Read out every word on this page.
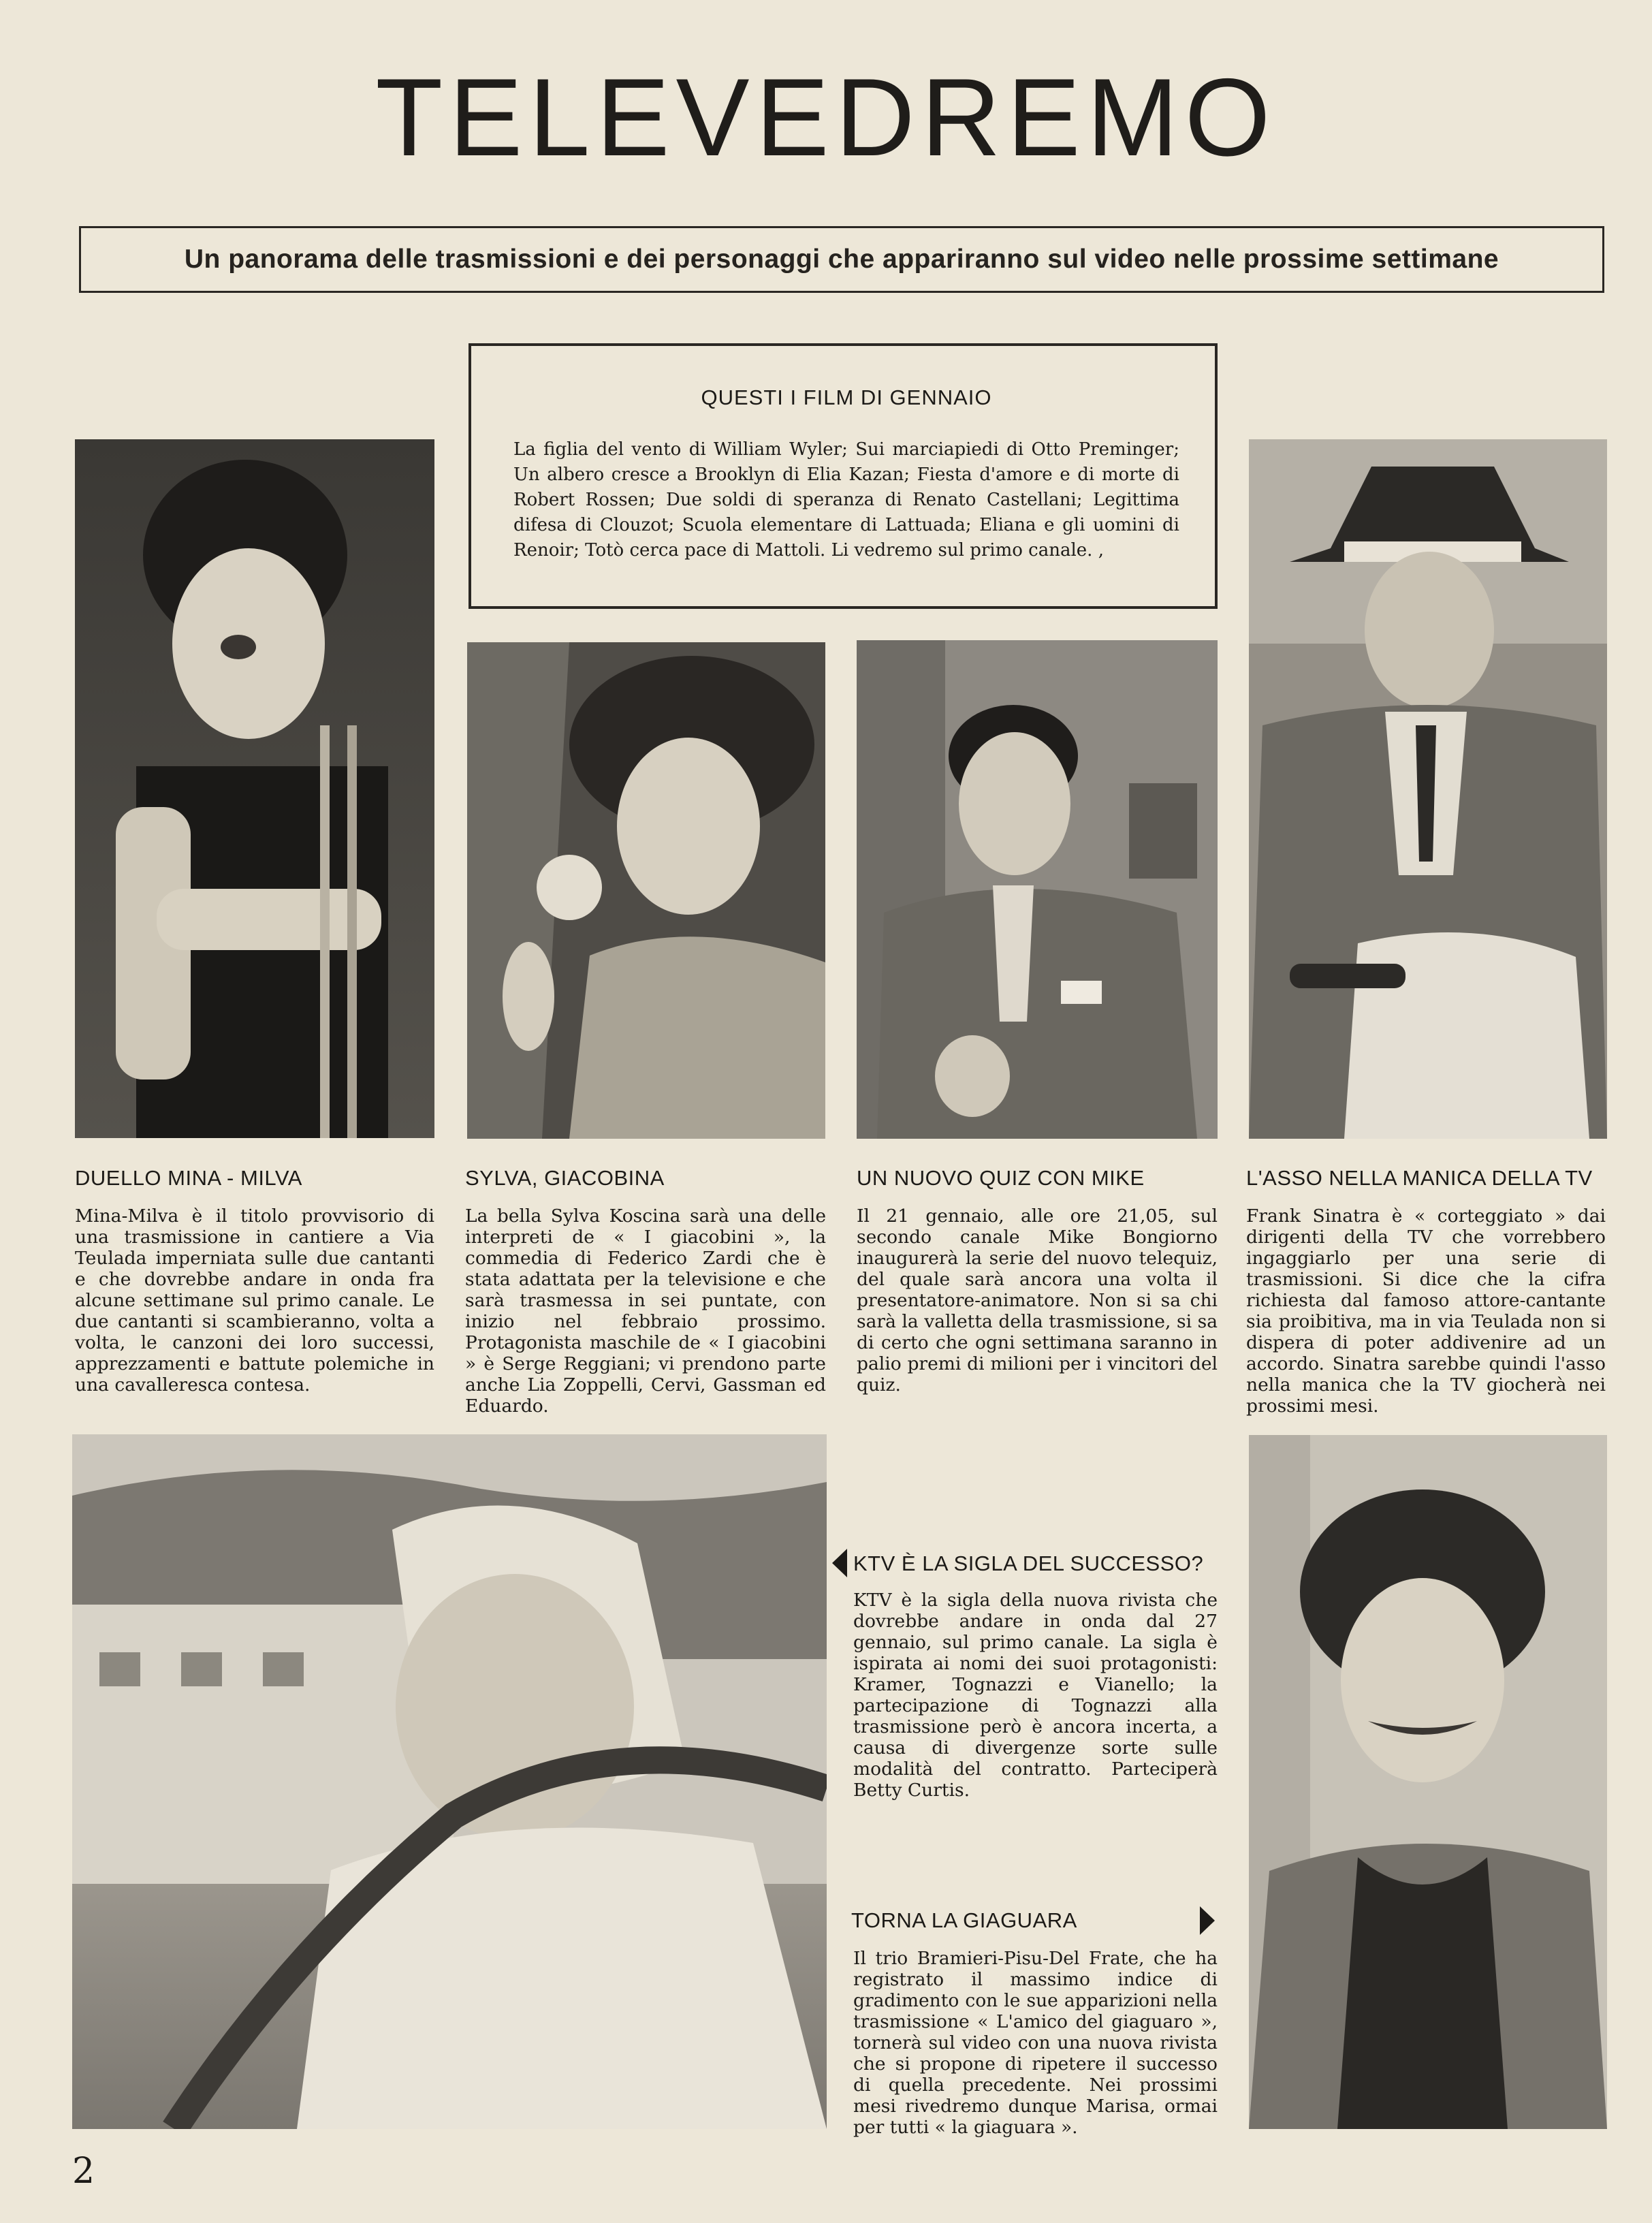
TELEVEDREMO
Un panorama delle trasmissioni e dei personaggi che appariranno sul video nelle prossime settimane
QUESTI I FILM DI GENNAIO
La figlia del vento di William Wyler; Sui marciapiedi di Otto Preminger; Un albero cresce a Brooklyn di Elia Kazan; Fiesta d'amore e di morte di Robert Rossen; Due soldi di speranza di Renato Castellani; Legittima difesa di Clouzot; Scuola elementare di Lattuada; Eliana e gli uomini di Renoir; Totò cerca pace di Mattoli. Li vedremo sul primo canale. ,
DUELLO MINA - MILVA
Mina-Milva è il titolo provvisorio di una trasmissione in cantiere a Via Teulada imperniata sulle due cantanti e che dovrebbe andare in onda fra alcune settimane sul primo canale. Le due cantanti si scambieranno, volta a volta, le canzoni dei loro successi, apprezzamenti e battute polemiche in una cavalleresca contesa.
SYLVA, GIACOBINA
La bella Sylva Koscina sarà una delle interpreti de « I giacobini », la commedia di Federico Zardi che è stata adattata per la televisione e che sarà trasmessa in sei puntate, con inizio nel febbraio prossimo. Protagonista maschile de « I giacobini » è Serge Reggiani; vi prendono parte anche Lia Zoppelli, Cervi, Gassman ed Eduardo.
UN NUOVO QUIZ CON MIKE
Il 21 gennaio, alle ore 21,05, sul secondo canale Mike Bongiorno inaugurerà la serie del nuovo telequiz, del quale sarà ancora una volta il presentatore-animatore. Non si sa chi sarà la valletta della trasmissione, si sa di certo che ogni settimana saranno in palio premi di milioni per i vincitori del quiz.
L'ASSO NELLA MANICA DELLA TV
Frank Sinatra è « corteggiato » dai dirigenti della TV che vorrebbero ingaggiarlo per una serie di trasmissioni. Si dice che la cifra richiesta dal famoso attore-cantante sia proibitiva, ma in via Teulada non si dispera di poter addivenire ad un accordo. Sinatra sarebbe quindi l'asso nella manica che la TV giocherà nei prossimi mesi.
KTV È LA SIGLA DEL SUCCESSO?
KTV è la sigla della nuova rivista che dovrebbe andare in onda dal 27 gennaio, sul primo canale. La sigla è ispirata ai nomi dei suoi protagonisti: Kramer, Tognazzi e Vianello; la partecipazione di Tognazzi alla trasmissione però è ancora incerta, a causa di divergenze sorte sulle modalità del contratto. Parteciperà Betty Curtis.
TORNA LA GIAGUARA
Il trio Bramieri-Pisu-Del Frate, che ha registrato il massimo indice di gradimento con le sue apparizioni nella trasmissione « L'amico del giaguaro », tornerà sul video con una nuova rivista che si propone di ripetere il successo di quella precedente. Nei prossimi mesi rivedremo dunque Marisa, ormai per tutti « la giaguara ».
2
